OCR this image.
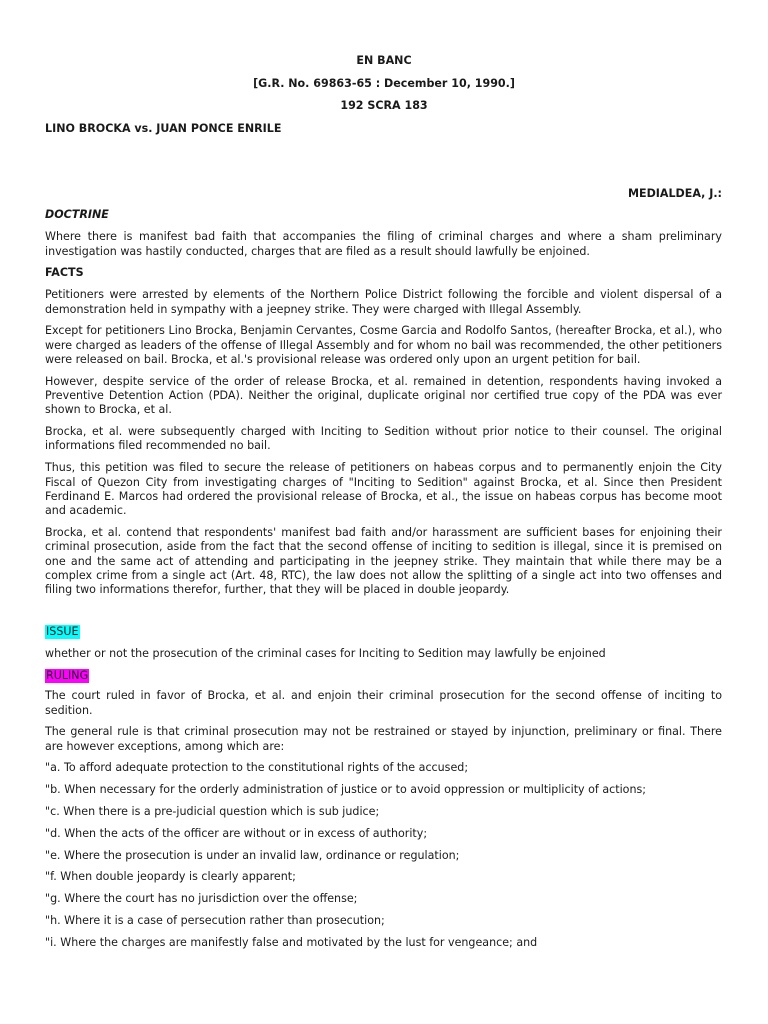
EN BANC

[G.R. No. 69863-65 : December 10, 1990.]

192 SCRA 183

LINO BROCKA vs. JUAN PONCE ENRILE

MEDIALDEA, J.:

DOCTRINE

Where there is manifest bad faith that accompanies the filing of criminal charges and where a sham preliminary investigation was hastily conducted, charges that are filed as a result should lawfully be enjoined.

FACTS

Petitioners were arrested by elements of the Northern Police District following the forcible and violent dispersal of a demonstration held in sympathy with a jeepney strike. They were charged with Illegal Assembly.

Except for petitioners Lino Brocka, Benjamin Cervantes, Cosme Garcia and Rodolfo Santos, (hereafter Brocka, et al.), who were charged as leaders of the offense of Illegal Assembly and for whom no bail was recommended, the other petitioners were released on bail. Brocka, et al.'s provisional release was ordered only upon an urgent petition for bail.

However, despite service of the order of release Brocka, et al. remained in detention, respondents having invoked a Preventive Detention Action (PDA). Neither the original, duplicate original nor certified true copy of the PDA was ever shown to Brocka, et al.

Brocka, et al. were subsequently charged with Inciting to Sedition without prior notice to their counsel. The original informations filed recommended no bail.

Thus, this petition was filed to secure the release of petitioners on habeas corpus and to permanently enjoin the City Fiscal of Quezon City from investigating charges of "Inciting to Sedition" against Brocka, et al. Since then President Ferdinand E. Marcos had ordered the provisional release of Brocka, et al., the issue on habeas corpus has become moot and academic.

Brocka, et al. contend that respondents' manifest bad faith and/or harassment are sufficient bases for enjoining their criminal prosecution, aside from the fact that the second offense of inciting to sedition is illegal, since it is premised on one and the same act of attending and participating in the jeepney strike. They maintain that while there may be a complex crime from a single act (Art. 48, RTC), the law does not allow the splitting of a single act into two offenses and filing two informations therefor, further, that they will be placed in double jeopardy.

ISSUE

whether or not the prosecution of the criminal cases for Inciting to Sedition may lawfully be enjoined

RULING

The court ruled in favor of Brocka, et al. and enjoin their criminal prosecution for the second offense of inciting to sedition.

The general rule is that criminal prosecution may not be restrained or stayed by injunction, preliminary or final. There are however exceptions, among which are:

"a. To afford adequate protection to the constitutional rights of the accused;

"b. When necessary for the orderly administration of justice or to avoid oppression or multiplicity of actions;

"c. When there is a pre-judicial question which is sub judice;

"d. When the acts of the officer are without or in excess of authority;

"e. Where the prosecution is under an invalid law, ordinance or regulation;

"f. When double jeopardy is clearly apparent;

"g. Where the court has no jurisdiction over the offense;

"h. Where it is a case of persecution rather than prosecution;

"i. Where the charges are manifestly false and motivated by the lust for vengeance; and
